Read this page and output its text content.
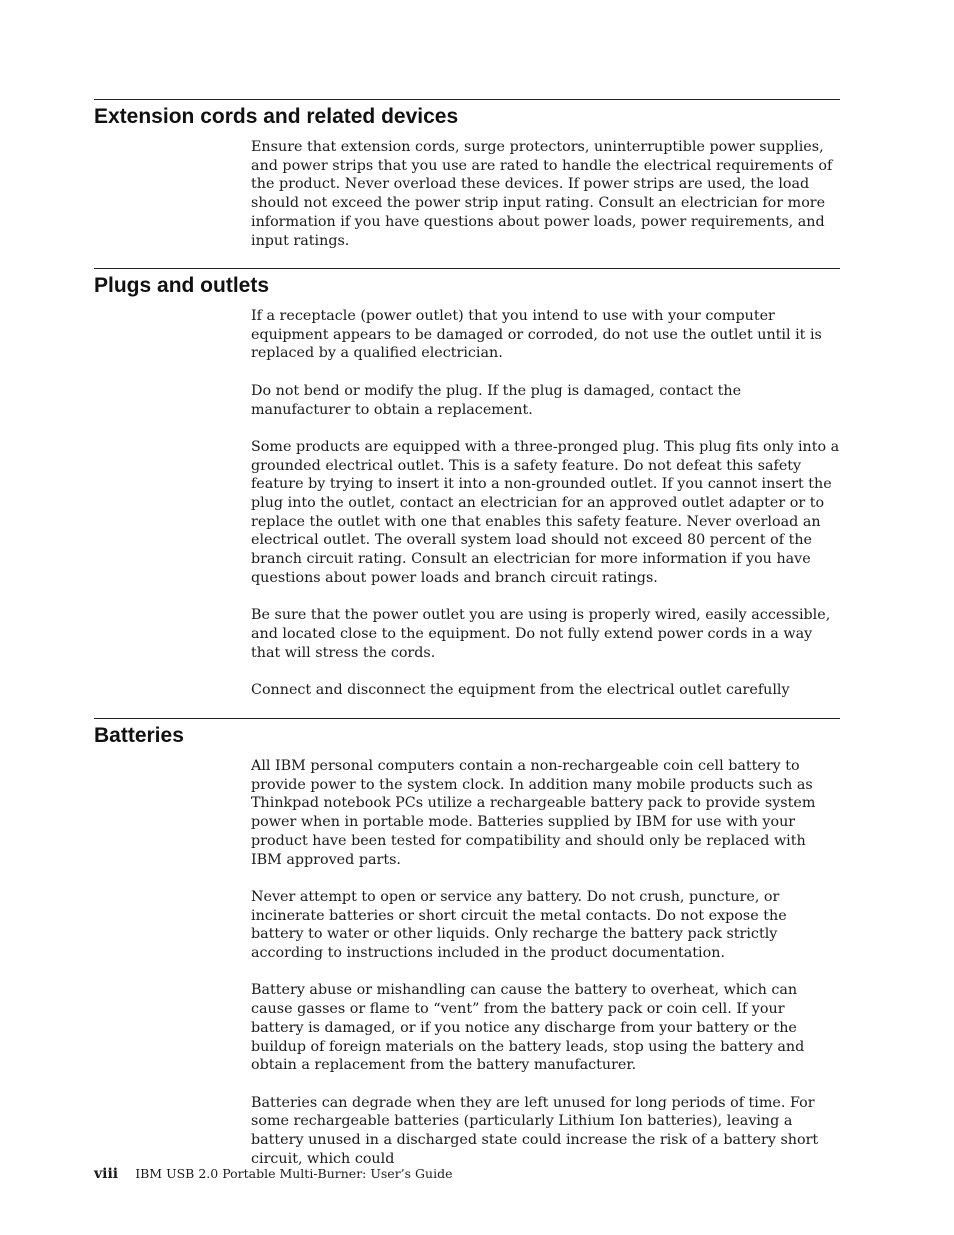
Extension cords and related devices

Ensure that extension cords, surge protectors, uninterruptible power supplies, and power strips that you use are rated to handle the electrical requirements of the product. Never overload these devices. If power strips are used, the load should not exceed the power strip input rating. Consult an electrician for more information if you have questions about power loads, power requirements, and input ratings.

Plugs and outlets

If a receptacle (power outlet) that you intend to use with your computer equipment appears to be damaged or corroded, do not use the outlet until it is replaced by a qualified electrician.

Do not bend or modify the plug. If the plug is damaged, contact the manufacturer to obtain a replacement.

Some products are equipped with a three-pronged plug. This plug fits only into a grounded electrical outlet. This is a safety feature. Do not defeat this safety feature by trying to insert it into a non-grounded outlet. If you cannot insert the plug into the outlet, contact an electrician for an approved outlet adapter or to replace the outlet with one that enables this safety feature. Never overload an electrical outlet. The overall system load should not exceed 80 percent of the branch circuit rating. Consult an electrician for more information if you have questions about power loads and branch circuit ratings.

Be sure that the power outlet you are using is properly wired, easily accessible, and located close to the equipment. Do not fully extend power cords in a way that will stress the cords.

Connect and disconnect the equipment from the electrical outlet carefully

Batteries

All IBM personal computers contain a non-rechargeable coin cell battery to provide power to the system clock. In addition many mobile products such as Thinkpad notebook PCs utilize a rechargeable battery pack to provide system power when in portable mode. Batteries supplied by IBM for use with your product have been tested for compatibility and should only be replaced with IBM approved parts.

Never attempt to open or service any battery. Do not crush, puncture, or incinerate batteries or short circuit the metal contacts. Do not expose the battery to water or other liquids. Only recharge the battery pack strictly according to instructions included in the product documentation.

Battery abuse or mishandling can cause the battery to overheat, which can cause gasses or flame to “vent” from the battery pack or coin cell. If your battery is damaged, or if you notice any discharge from your battery or the buildup of foreign materials on the battery leads, stop using the battery and obtain a replacement from the battery manufacturer.

Batteries can degrade when they are left unused for long periods of time. For some rechargeable batteries (particularly Lithium Ion batteries), leaving a battery unused in a discharged state could increase the risk of a battery short circuit, which could

viii IBM USB 2.0 Portable Multi-Burner: User’s Guide
